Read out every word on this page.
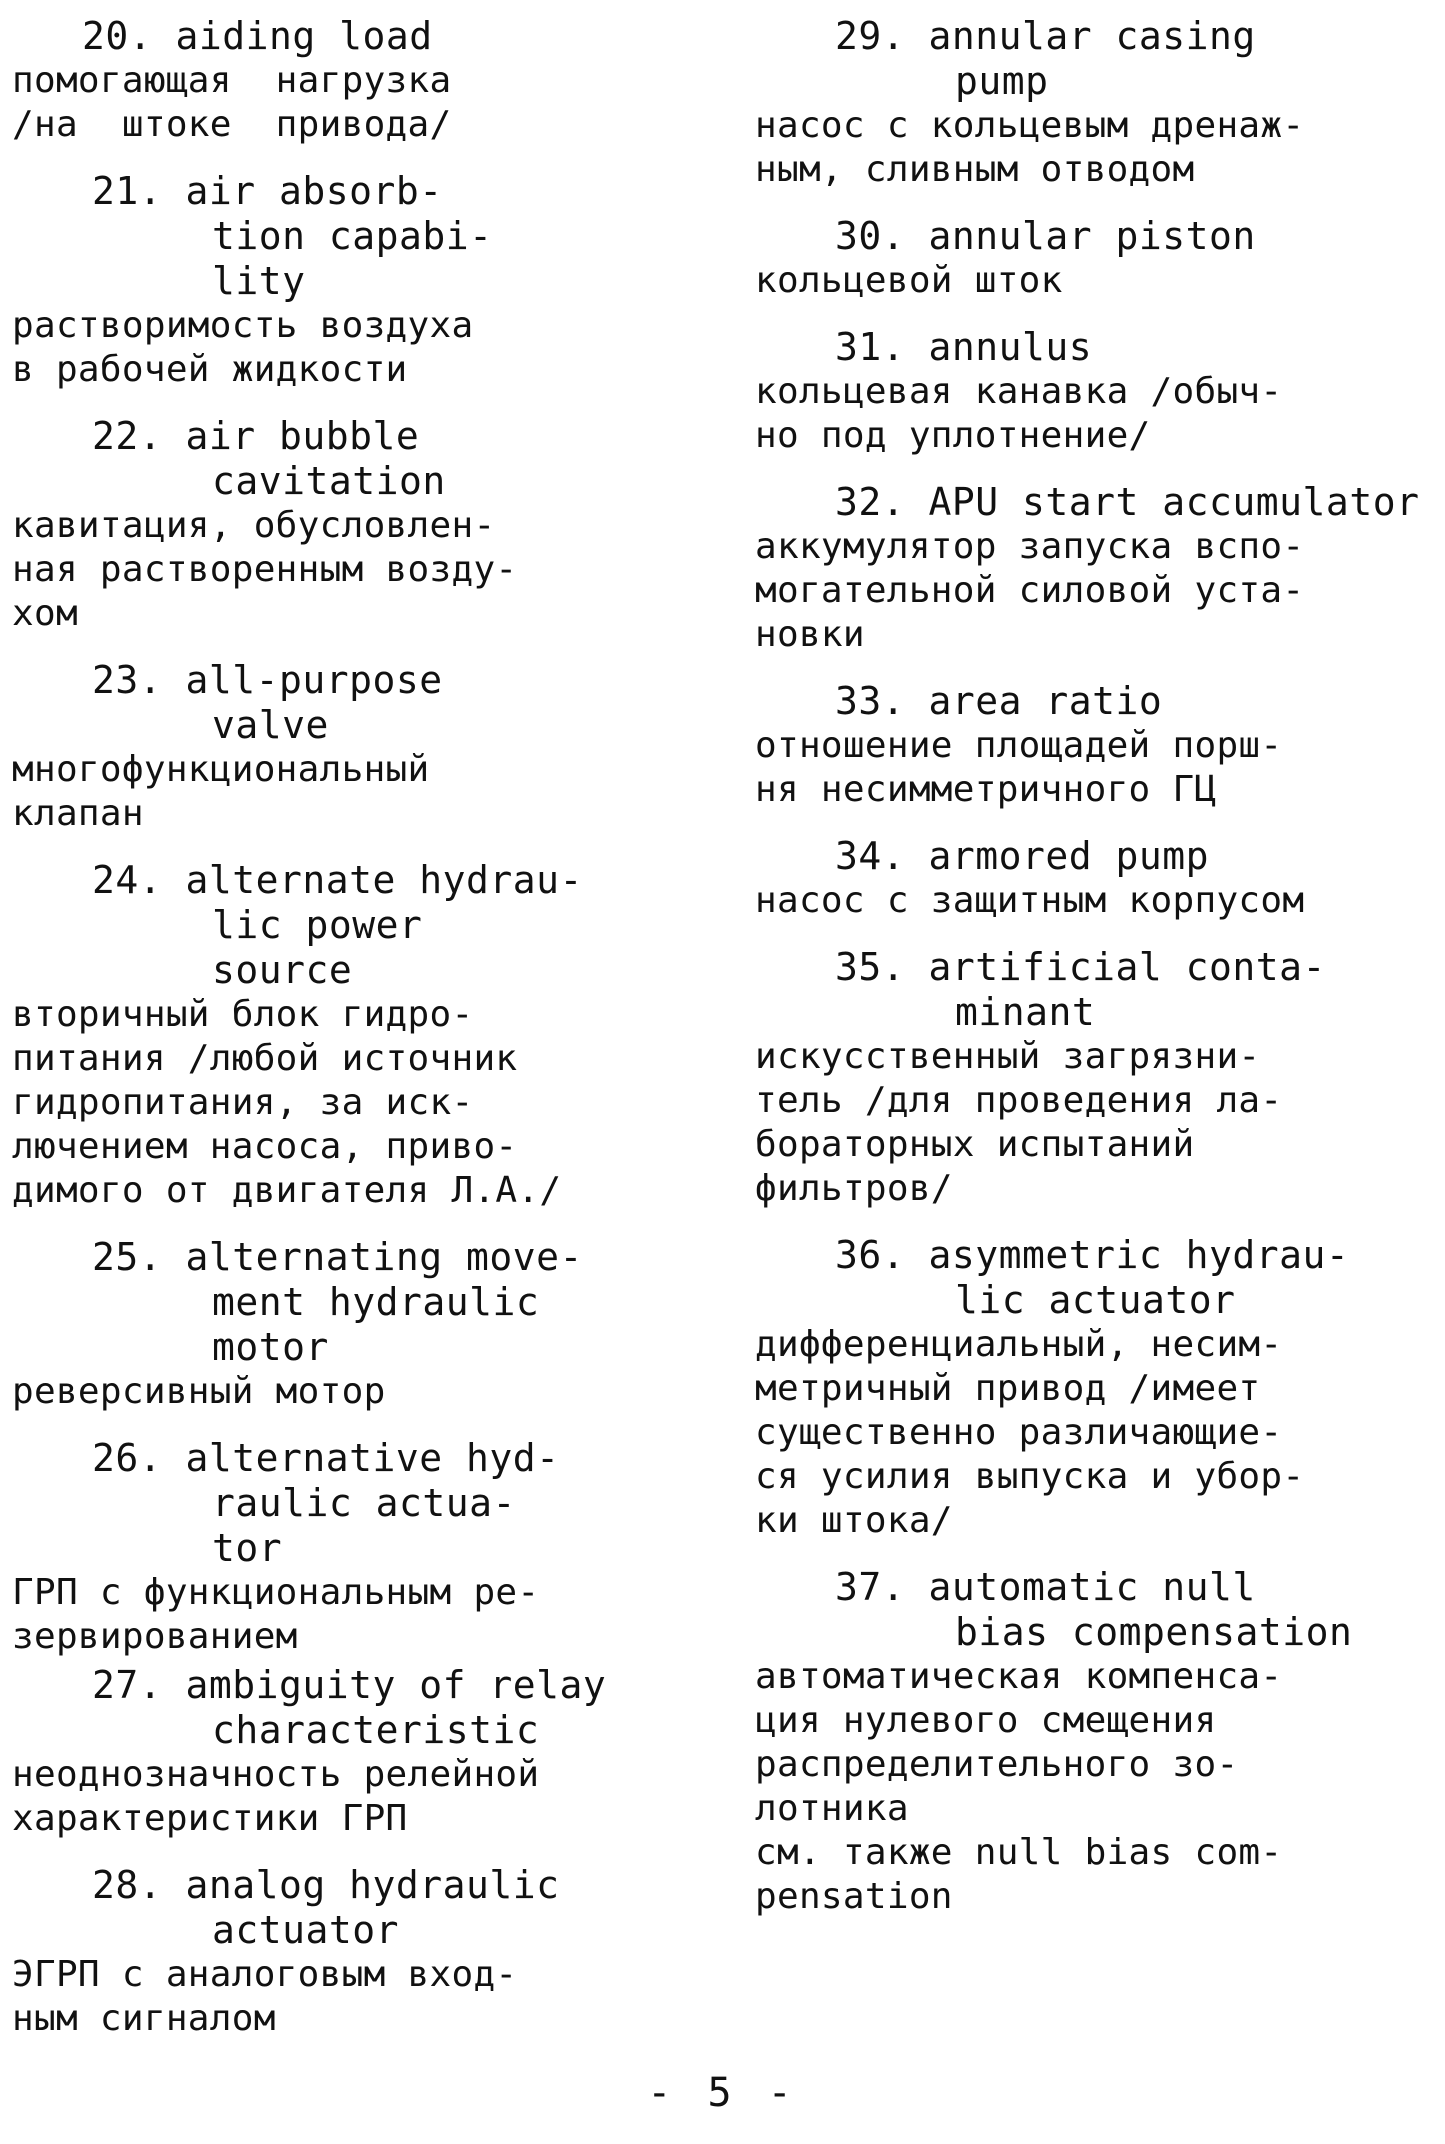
20. aiding load
помогающая  нагрузка
/на  штоке  привода/
21. air absorb-
tion capabi-
lity
растворимость воздуха
в рабочей жидкости
22. air bubble
cavitation
кавитация, обусловлен-
ная растворенным возду-
хом
23. all-purpose
valve
многофункциональный
клапан
24. alternate hydrau-
lic power
source
вторичный блок гидро-
питания /любой источник
гидропитания, за иск-
лючением насоса, приво-
димого от двигателя Л.А./
25. alternating move-
ment hydraulic
motor
реверсивный мотор
26. alternative hyd-
raulic actua-
tor
ГРП с функциональным ре-
зервированием
27. ambiguity of relay
characteristic
неоднозначность релейной
характеристики ГРП
28. analog hydraulic
actuator
ЭГРП с аналоговым вход-
ным сигналом
29. annular casing
pump
насос с кольцевым дренаж-
ным, сливным отводом
30. annular piston
кольцевой шток
31. annulus
кольцевая канавка /обыч-
но под уплотнение/
32. APU start accumulator
аккумулятор запуска вспо-
могательной силовой уста-
новки
33. area ratio
отношение площадей порш-
ня несимметричного ГЦ
34. armored pump
насос с защитным корпусом
35. artificial conta-
minant
искусственный загрязни-
тель /для проведения ла-
бораторных испытаний
фильтров/
36. asymmetric hydrau-
lic actuator
дифференциальный, несим-
метричный привод /имеет
существенно различающие-
ся усилия выпуска и убор-
ки штока/
37. automatic null
bias compensation
автоматическая компенса-
ция нулевого смещения
распределительного зо-
лотника
см. также null bias com-
pensation
- 5 -
